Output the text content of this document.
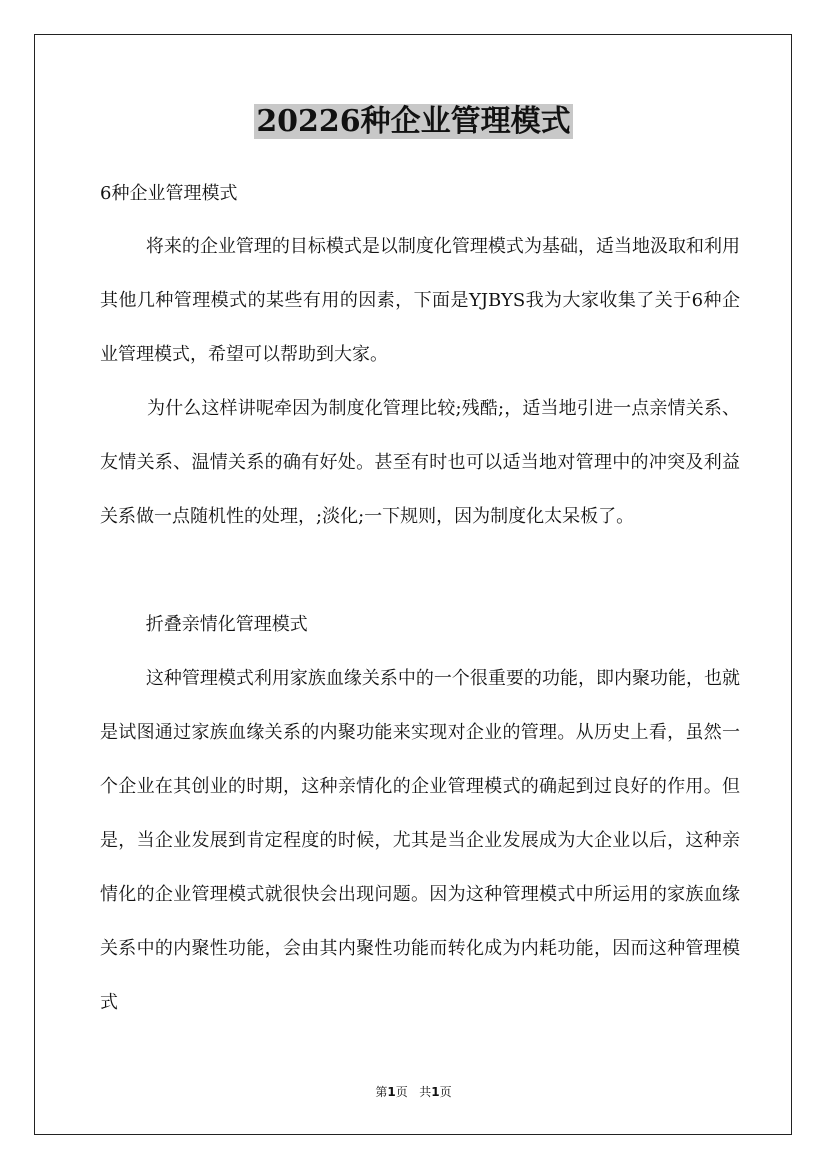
20226种企业管理模式
6种企业管理模式

将来的企业管理的目标模式是以制度化管理模式为基础，适当地汲取和利用其他几种管理模式的某些有用的因素，下面是YJBYS我为大家收集了关于6种企业管理模式，希望可以帮助到大家。

为什么这样讲呢牵因为制度化管理比较;残酷;，适当地引进一点亲情关系、友情关系、温情关系的确有好处。甚至有时也可以适当地对管理中的冲突及利益关系做一点随机性的处理，;淡化;一下规则，因为制度化太呆板了。

折叠亲情化管理模式

这种管理模式利用家族血缘关系中的一个很重要的功能，即内聚功能，也就是试图通过家族血缘关系的内聚功能来实现对企业的管理。从历史上看，虽然一个企业在其创业的时期，这种亲情化的企业管理模式的确起到过良好的作用。但是，当企业发展到肯定程度的时候，尤其是当企业发展成为大企业以后，这种亲情化的企业管理模式就很快会出现问题。因为这种管理模式中所运用的家族血缘关系中的内聚性功能，会由其内聚性功能而转化成为内耗功能，因而这种管理模式

第1页 共1页
